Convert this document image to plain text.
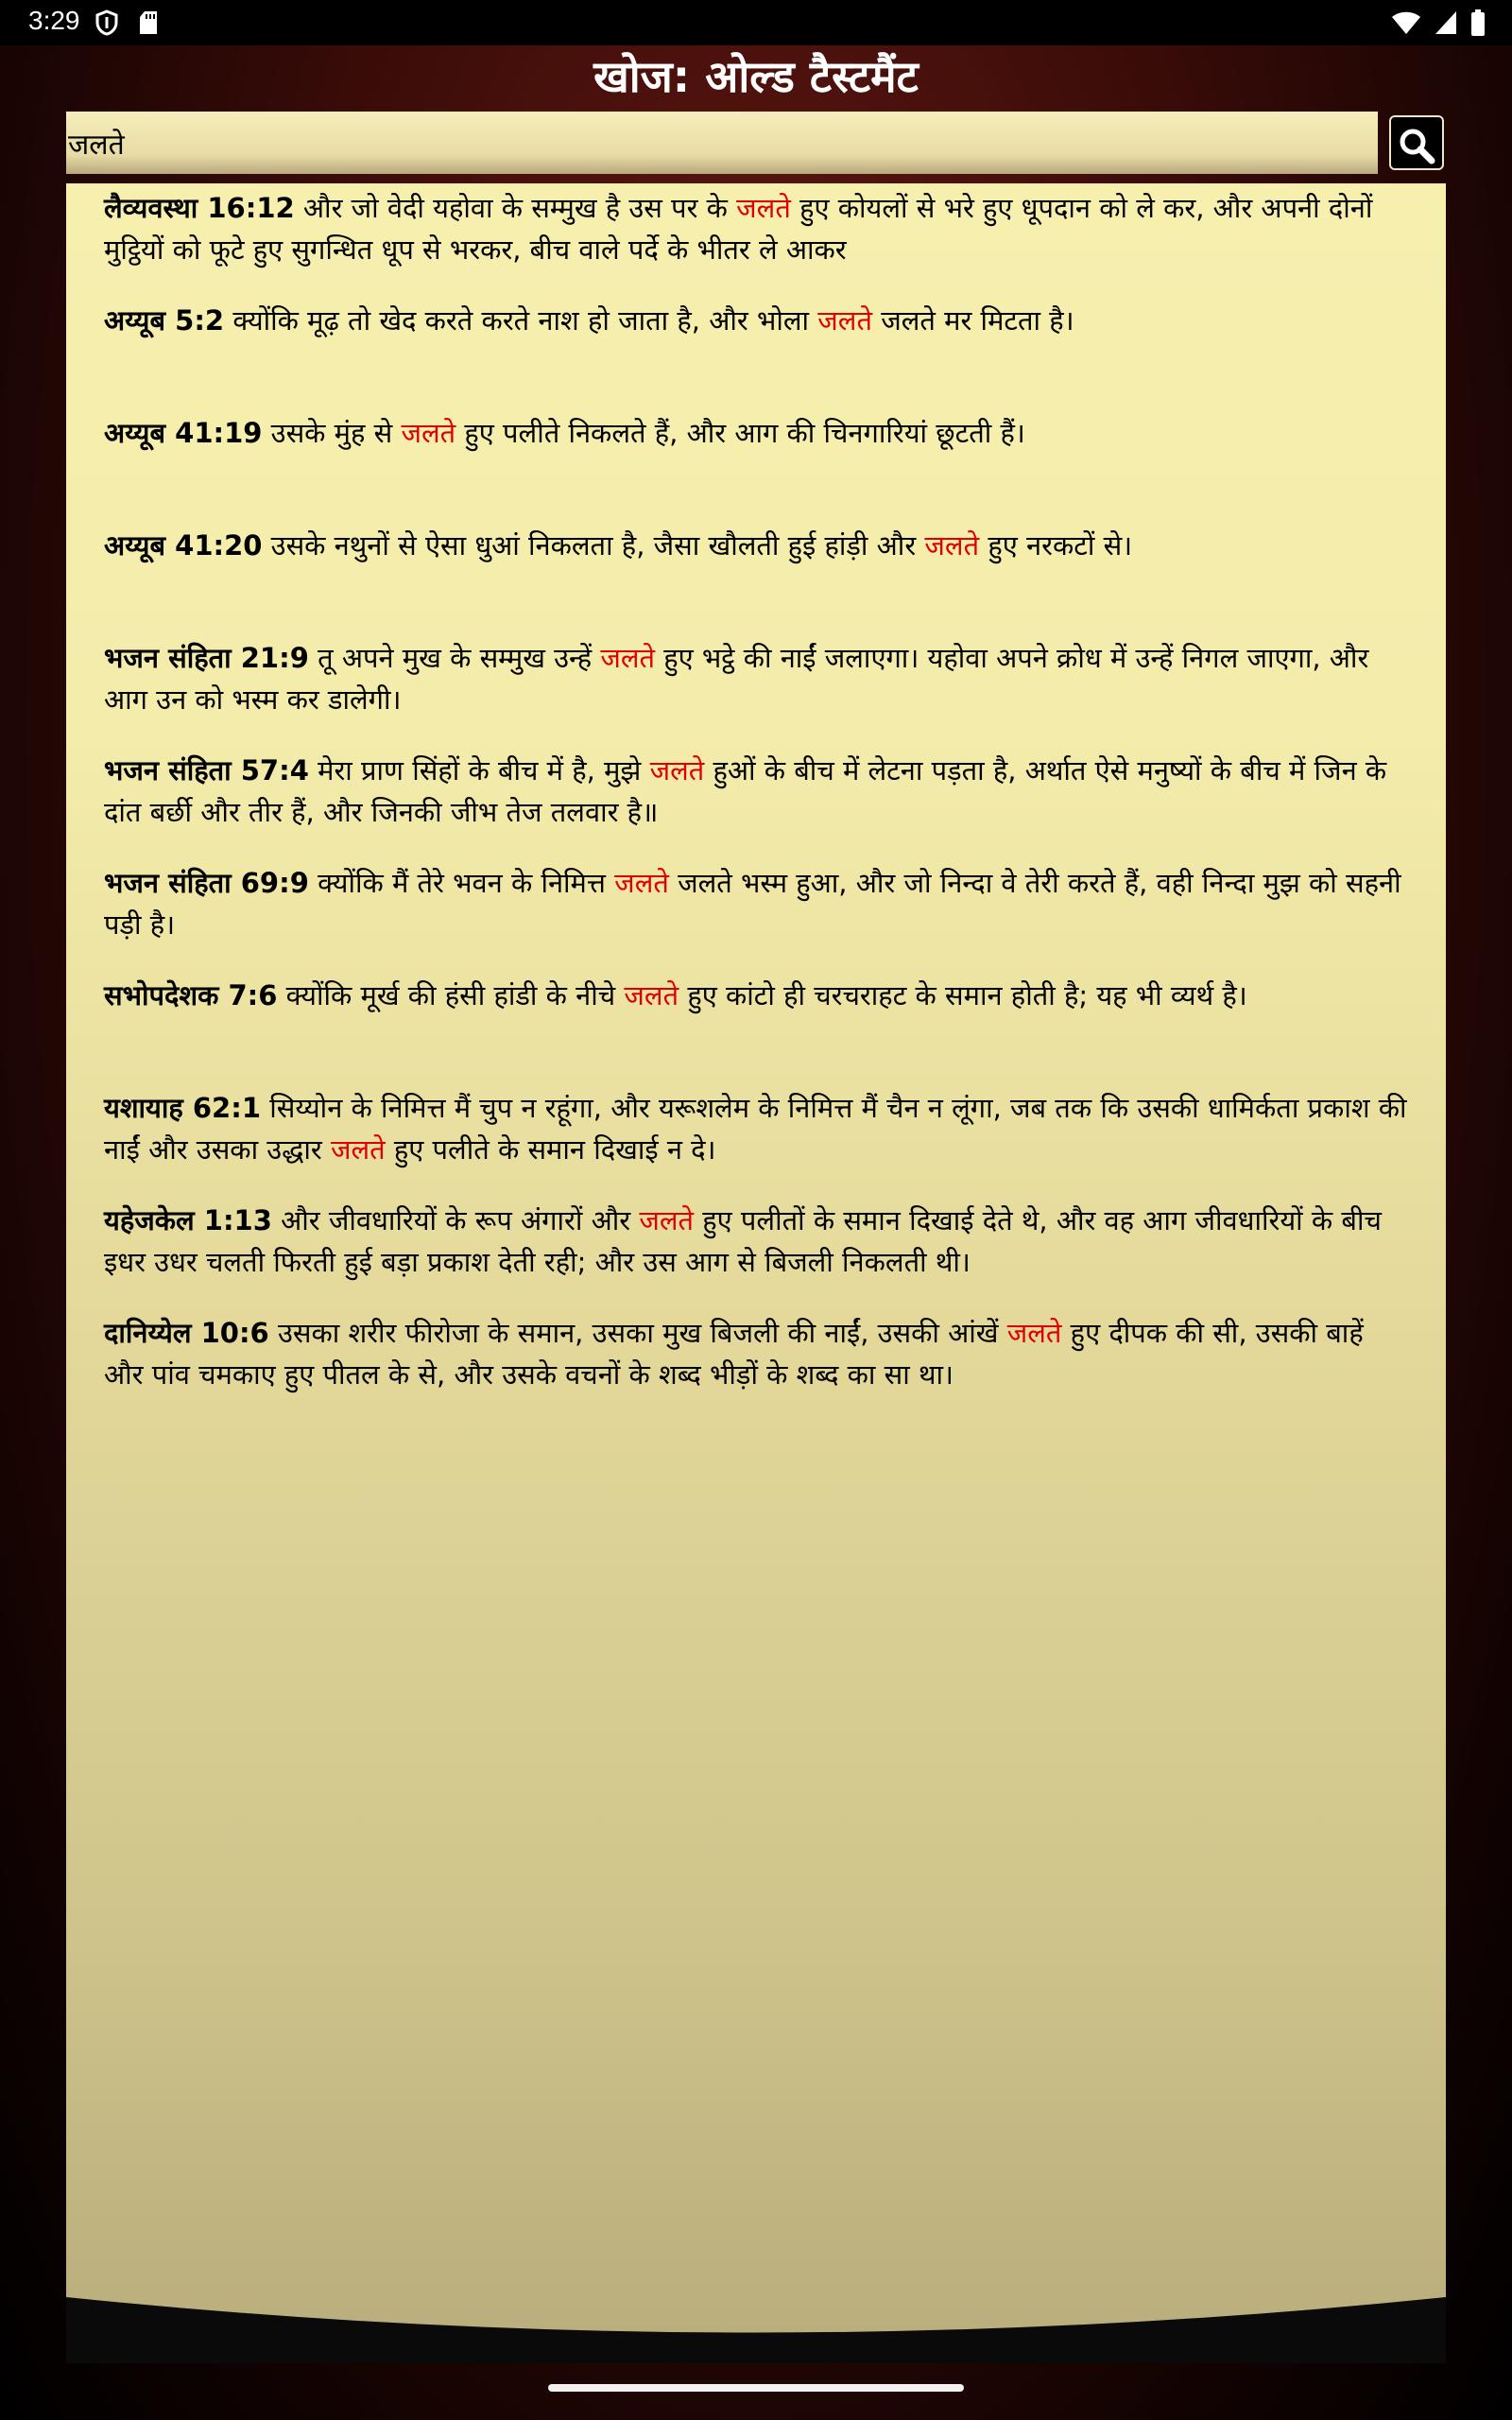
3:29

खोज: ओल्ड टैस्टमैंट
जलते

लैव्यवस्था 16:12 और जो वेदी यहोवा के सम्मुख है उस पर के जलते हुए कोयलों से भरे हुए धूपदान को ले कर, और अपनी दोनों मुट्ठियों को फूटे हुए सुगन्धित धूप से भरकर, बीच वाले पर्दे के भीतर ले आकर

अय्यूब 5:2 क्योंकि मूढ़ तो खेद करते करते नाश हो जाता है, और भोला जलते जलते मर मिटता है।

अय्यूब 41:19 उसके मुंह से जलते हुए पलीते निकलते हैं, और आग की चिनगारियां छूटती हैं।

अय्यूब 41:20 उसके नथुनों से ऐसा धुआं निकलता है, जैसा खौलती हुई हांड़ी और जलते हुए नरकटों से।

भजन संहिता 21:9 तू अपने मुख के सम्मुख उन्हें जलते हुए भट्ठे की नाईं जलाएगा। यहोवा अपने क्रोध में उन्हें निगल जाएगा, और आग उन को भस्म कर डालेगी।

भजन संहिता 57:4 मेरा प्राण सिंहों के बीच में है, मुझे जलते हुओं के बीच में लेटना पड़ता है, अर्थात ऐसे मनुष्यों के बीच में जिन के दांत बर्छी और तीर हैं, और जिनकी जीभ तेज तलवार है॥

भजन संहिता 69:9 क्योंकि मैं तेरे भवन के निमित्त जलते जलते भस्म हुआ, और जो निन्दा वे तेरी करते हैं, वही निन्दा मुझ को सहनी पड़ी है।

सभोपदेशक 7:6 क्योंकि मूर्ख की हंसी हांडी के नीचे जलते हुए कांटो ही चरचराहट के समान होती है; यह भी व्यर्थ है।

यशायाह 62:1 सिय्योन के निमित्त मैं चुप न रहूंगा, और यरूशलेम के निमित्त मैं चैन न लूंगा, जब तक कि उसकी धामिर्कता प्रकाश की नाईं और उसका उद्धार जलते हुए पलीते के समान दिखाई न दे।

यहेजकेल 1:13 और जीवधारियों के रूप अंगारों और जलते हुए पलीतों के समान दिखाई देते थे, और वह आग जीवधारियों के बीच इधर उधर चलती फिरती हुई बड़ा प्रकाश देती रही; और उस आग से बिजली निकलती थी।

दानिय्येल 10:6 उसका शरीर फीरोजा के समान, उसका मुख बिजली की नाईं, उसकी आंखें जलते हुए दीपक की सी, उसकी बाहें और पांव चमकाए हुए पीतल के से, और उसके वचनों के शब्द भीड़ों के शब्द का सा था।
